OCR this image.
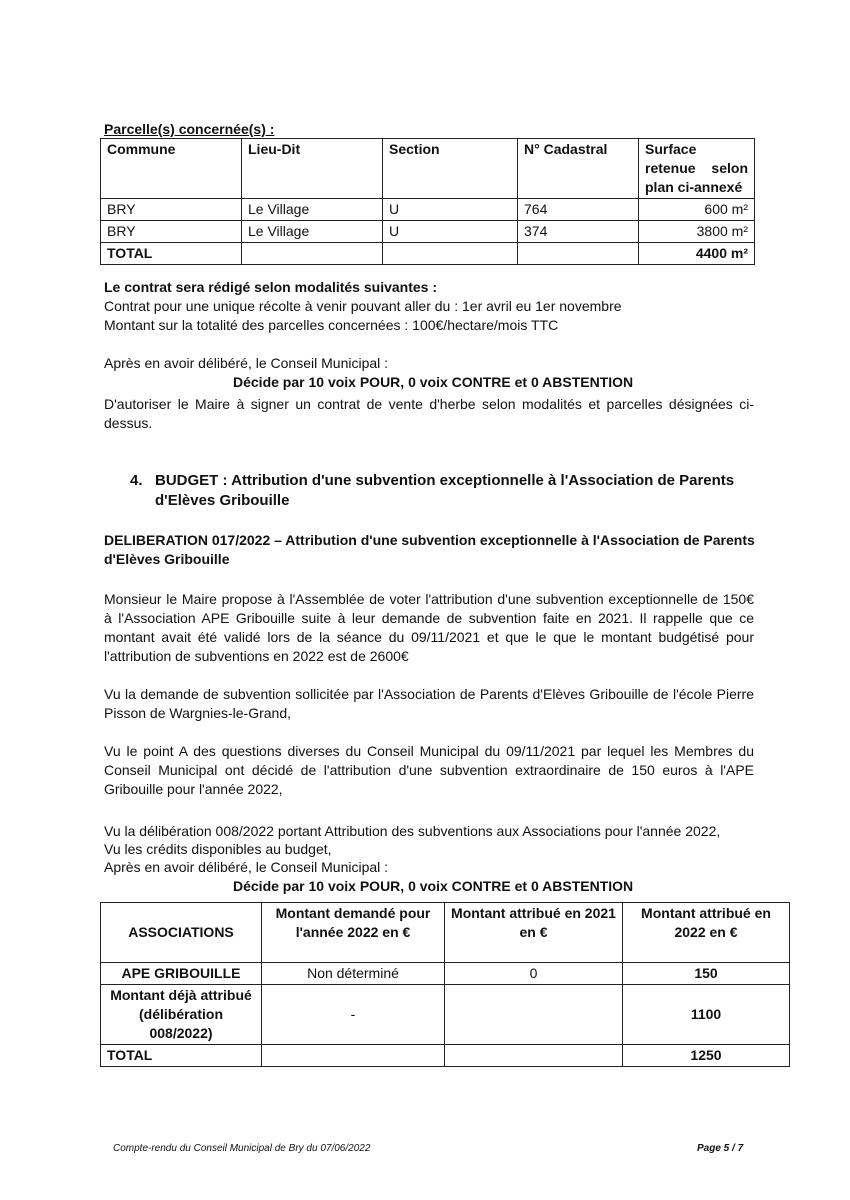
Parcelle(s) concernée(s) :
Commune	Lieu-Dit	Section	N° Cadastral	Surface retenue selon plan ci-annexé
BRY	Le Villagе	U	764	600 m²
BRY	Le Village	U	374	3800 m²
TOTAL				4400 m²
Le contrat sera rédigé selon modalités suivantes :
Contrat pour une unique récolte à venir pouvant aller du : 1er avril eu 1er novembre
Montant sur la totalité des parcelles concernées : 100€/hectare/mois TTC
Après en avoir délibéré, le Conseil Municipal :
Décide par 10 voix POUR, 0 voix CONTRE et 0 ABSTENTION
D'autoriser le Maire à signer un contrat de vente d'herbe selon modalités et parcelles désignées ci-dessus.
4. BUDGET : Attribution d'une subvention exceptionnelle à l'Association de Parents d'Elèves Gribouille
DELIBERATION 017/2022 – Attribution d'une subvention exceptionnelle à l'Association de Parents d'Elèves Gribouille
Monsieur le Maire propose à l'Assemblée de voter l'attribution d'une subvention exceptionnelle de 150€ à l'Association APE Gribouille suite à leur demande de subvention faite en 2021. Il rappelle que ce montant avait été validé lors de la séance du 09/11/2021 et que le que le montant budgétisé pour l'attribution de subventions en 2022 est de 2600€
Vu la demande de subvention sollicitée par l'Association de Parents d'Elèves Gribouille de l'école Pierre Pisson de Wargnies-le-Grand,
Vu le point A des questions diverses du Conseil Municipal du 09/11/2021 par lequel les Membres du Conseil Municipal ont décidé de l'attribution d'une subvention extraordinaire de 150 euros à l'APE Gribouille pour l'année 2022,
Vu la délibération 008/2022 portant Attribution des subventions aux Associations pour l'année 2022,
Vu les crédits disponibles au budget,
Après en avoir délibéré, le Conseil Municipal :
Décide par 10 voix POUR, 0 voix CONTRE et 0 ABSTENTION
ASSOCIATIONS	Montant demandé pour l'année 2022 en €	Montant attribué en 2021 en €	Montant attribué en 2022 en €
APE GRIBOUILLE	Non déterminé	0	150
Montant déjà attribué (délibération 008/2022)	-		1100
TOTAL			1250
Compte-rendu du Conseil Municipal de Bry du 07/06/2022	Page 5 / 7
